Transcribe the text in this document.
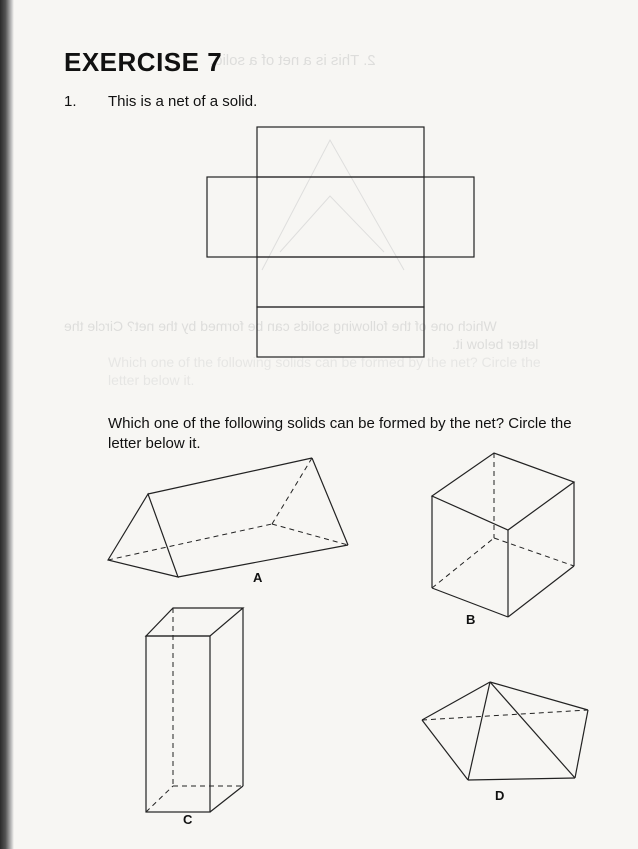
2. This is a net of a solid.
Which one of the following solids can be formed by the net? Circle the
letter below it.
Which one of the following solids can be formed by the net? Circle the
letter below it.
EXERCISE 7
1. This is a net of a solid.
Which one of the following solids can be formed by the net? Circle the letter below it.
A
B
C
D
